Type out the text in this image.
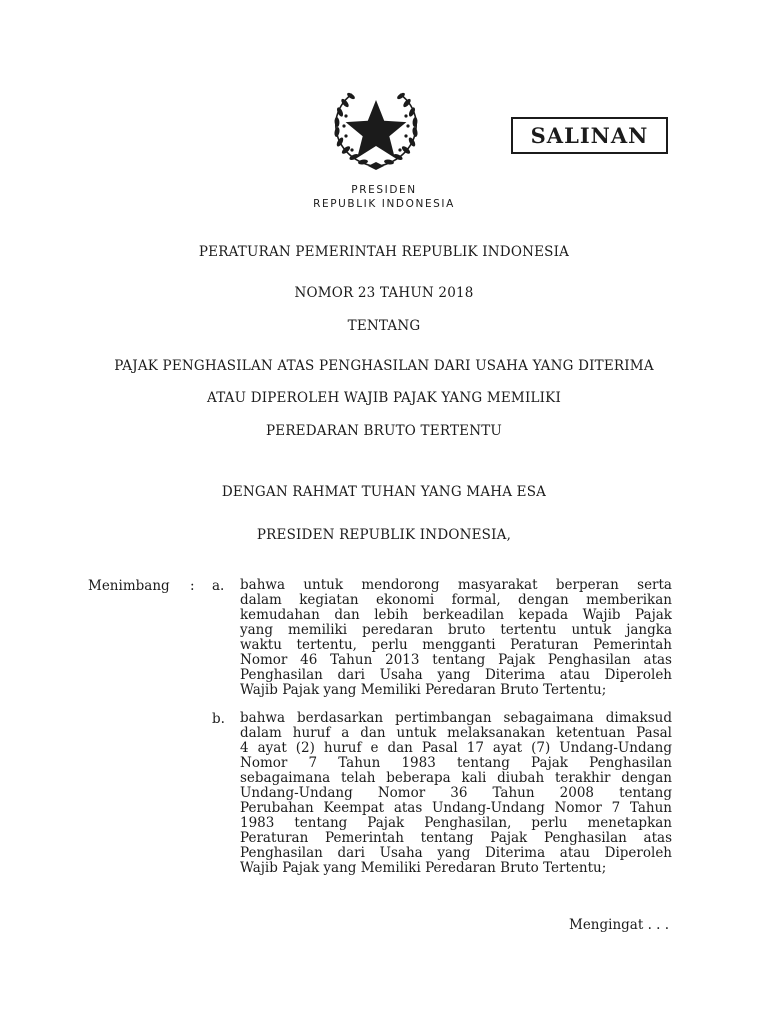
SALINAN
PRESIDEN
REPUBLIK INDONESIA
PERATURAN PEMERINTAH REPUBLIK INDONESIA
NOMOR 23 TAHUN 2018
TENTANG
PAJAK PENGHASILAN ATAS PENGHASILAN DARI USAHA YANG DITERIMA
ATAU DIPEROLEH WAJIB PAJAK YANG MEMILIKI
PEREDARAN BRUTO TERTENTU
DENGAN RAHMAT TUHAN YANG MAHA ESA
PRESIDEN REPUBLIK INDONESIA,
Menimbang : a. bahwa untuk mendorong masyarakat berperan serta
dalam kegiatan ekonomi formal, dengan memberikan
kemudahan dan lebih berkeadilan kepada Wajib Pajak
yang memiliki peredaran bruto tertentu untuk jangka
waktu tertentu, perlu mengganti Peraturan Pemerintah
Nomor 46 Tahun 2013 tentang Pajak Penghasilan atas
Penghasilan dari Usaha yang Diterima atau Diperoleh
Wajib Pajak yang Memiliki Peredaran Bruto Tertentu;
b. bahwa berdasarkan pertimbangan sebagaimana dimaksud
dalam huruf a dan untuk melaksanakan ketentuan Pasal
4 ayat (2) huruf e dan Pasal 17 ayat (7) Undang-Undang
Nomor 7 Tahun 1983 tentang Pajak Penghasilan
sebagaimana telah beberapa kali diubah terakhir dengan
Undang-Undang Nomor 36 Tahun 2008 tentang
Perubahan Keempat atas Undang-Undang Nomor 7 Tahun
1983 tentang Pajak Penghasilan, perlu menetapkan
Peraturan Pemerintah tentang Pajak Penghasilan atas
Penghasilan dari Usaha yang Diterima atau Diperoleh
Wajib Pajak yang Memiliki Peredaran Bruto Tertentu;
Mengingat . . .
